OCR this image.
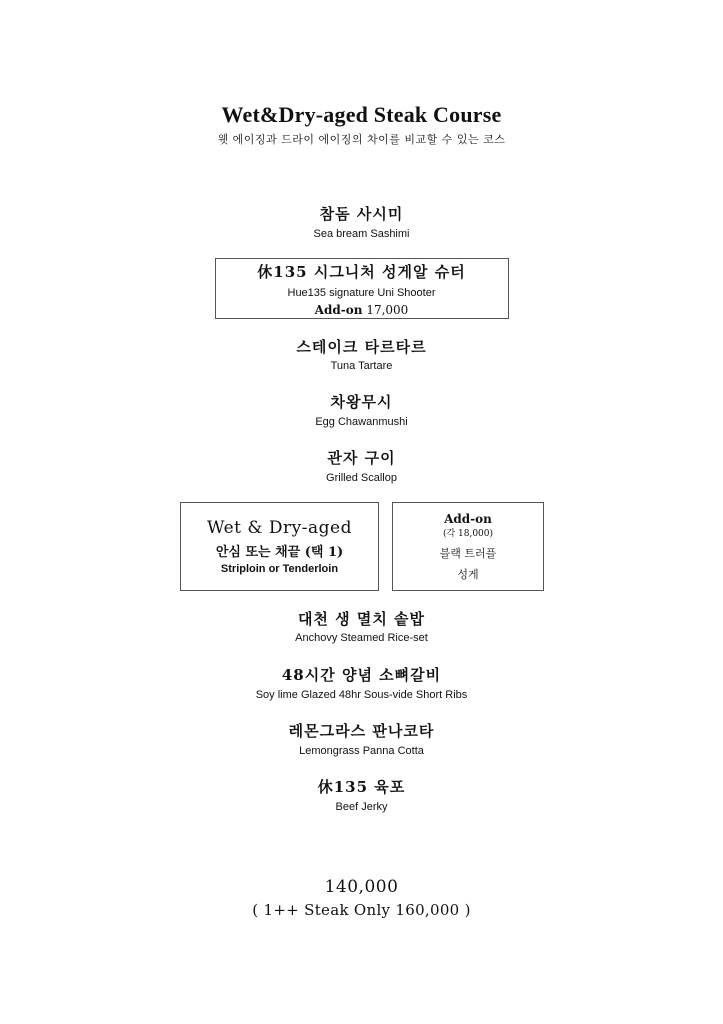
Wet&Dry-aged Steak Course
웻 에이징과 드라이 에이징의 차이를 비교할 수 있는 코스
참돔 사시미
Sea bream Sashimi
休135 시그니처 성게알 슈터
Hue135 signature Uni Shooter
Add-on 17,000
스테이크 타르타르
Tuna Tartare
차왕무시
Egg Chawanmushi
관자 구이
Grilled Scallop
Wet & Dry-aged
안심 또는 채끝 (택 1)
Striploin or Tenderloin
Add-on
(각 18,000)
블랙 트러플
성게
대천 생 멸치 솥밥
Anchovy Steamed Rice-set
48시간 양념 소뼈갈비
Soy lime Glazed 48hr Sous-vide Short Ribs
레몬그라스 판나코타
Lemongrass Panna Cotta
休135 육포
Beef Jerky
140,000
( 1++ Steak Only 160,000 )
